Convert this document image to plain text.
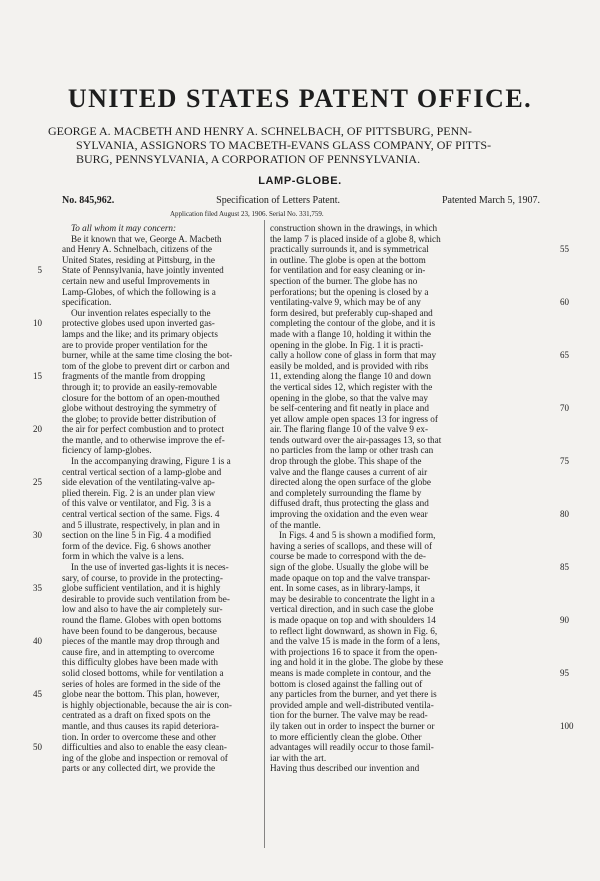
UNITED STATES PATENT OFFICE.
GEORGE A. MACBETH AND HENRY A. SCHNELBACH, OF PITTSBURG, PENN-
SYLVANIA, ASSIGNORS TO MACBETH-EVANS GLASS COMPANY, OF PITTS-
BURG, PENNSYLVANIA, A CORPORATION OF PENNSYLVANIA.
LAMP-GLOBE.
No. 845,962.	Specification of Letters Patent.	Patented March 5, 1907.
Application filed August 23, 1906. Serial No. 331,759.
To all whom it may concern:
Be it known that we, George A. Macbeth
and Henry A. Schnelbach, citizens of the
United States, residing at Pittsburg, in the
State of Pennsylvania, have jointly invented
certain new and useful Improvements in
Lamp-Globes, of which the following is a
specification.
Our invention relates especially to the
protective globes used upon inverted gas-
lamps and the like; and its primary objects
are to provide proper ventilation for the
burner, while at the same time closing the bot-
tom of the globe to prevent dirt or carbon and
fragments of the mantle from dropping
through it; to provide an easily-removable
closure for the bottom of an open-mouthed
globe without destroying the symmetry of
the globe; to provide better distribution of
the air for perfect combustion and to protect
the mantle, and to otherwise improve the ef-
ficiency of lamp-globes.
In the accompanying drawing, Figure 1 is a
central vertical section of a lamp-globe and
side elevation of the ventilating-valve ap-
plied therein. Fig. 2 is an under plan view
of this valve or ventilator, and Fig. 3 is a
central vertical section of the same. Figs. 4
and 5 illustrate, respectively, in plan and in
section on the line 5 in Fig. 4 a modified
form of the device. Fig. 6 shows another
form in which the valve is a lens.
In the use of inverted gas-lights it is neces-
sary, of course, to provide in the protecting-
globe sufficient ventilation, and it is highly
desirable to provide such ventilation from be-
low and also to have the air completely sur-
round the flame. Globes with open bottoms
have been found to be dangerous, because
pieces of the mantle may drop through and
cause fire, and in attempting to overcome
this difficulty globes have been made with
solid closed bottoms, while for ventilation a
series of holes are formed in the side of the
globe near the bottom. This plan, however,
is highly objectionable, because the air is con-
centrated as a draft on fixed spots on the
mantle, and thus causes its rapid deteriora-
tion. In order to overcome these and other
difficulties and also to enable the easy clean-
ing of the globe and inspection or removal of
parts or any collected dirt, we provide the
construction shown in the drawings, in which
the lamp 7 is placed inside of a globe 8, which
practically surrounds it, and is symmetrical
in outline. The globe is open at the bottom
for ventilation and for easy cleaning or in-
spection of the burner. The globe has no
perforations; but the opening is closed by a
ventilating-valve 9, which may be of any
form desired, but preferably cup-shaped and
completing the contour of the globe, and it is
made with a flange 10, holding it within the
opening in the globe. In Fig. 1 it is practi-
cally a hollow cone of glass in form that may
easily be molded, and is provided with ribs
11, extending along the flange 10 and down
the vertical sides 12, which register with the
opening in the globe, so that the valve may
be self-centering and fit neatly in place and
yet allow ample open spaces 13 for ingress of
air. The flaring flange 10 of the valve 9 ex-
tends outward over the air-passages 13, so that
no particles from the lamp or other trash can
drop through the globe. This shape of the
valve and the flange causes a current of air
directed along the open surface of the globe
and completely surrounding the flame by
diffused draft, thus protecting the glass and
improving the oxidation and the even wear
of the mantle.
In Figs. 4 and 5 is shown a modified form,
having a series of scallops, and these will of
course be made to correspond with the de-
sign of the globe. Usually the globe will be
made opaque on top and the valve transpar-
ent. In some cases, as in library-lamps, it
may be desirable to concentrate the light in a
vertical direction, and in such case the globe
is made opaque on top and with shoulders 14
to reflect light downward, as shown in Fig. 6,
and the valve 15 is made in the form of a lens,
with projections 16 to space it from the open-
ing and hold it in the globe. The globe by these
means is made complete in contour, and the
bottom is closed against the falling out of
any particles from the burner, and yet there is
provided ample and well-distributed ventila-
tion for the burner. The valve may be read-
ily taken out in order to inspect the burner or
to more efficiently clean the globe. Other
advantages will readily occur to those famil-
iar with the art.
Having thus described our invention and
5
10
15
20
25
30
35
40
45
50
55
60
65
70
75
80
85
90
95
100
